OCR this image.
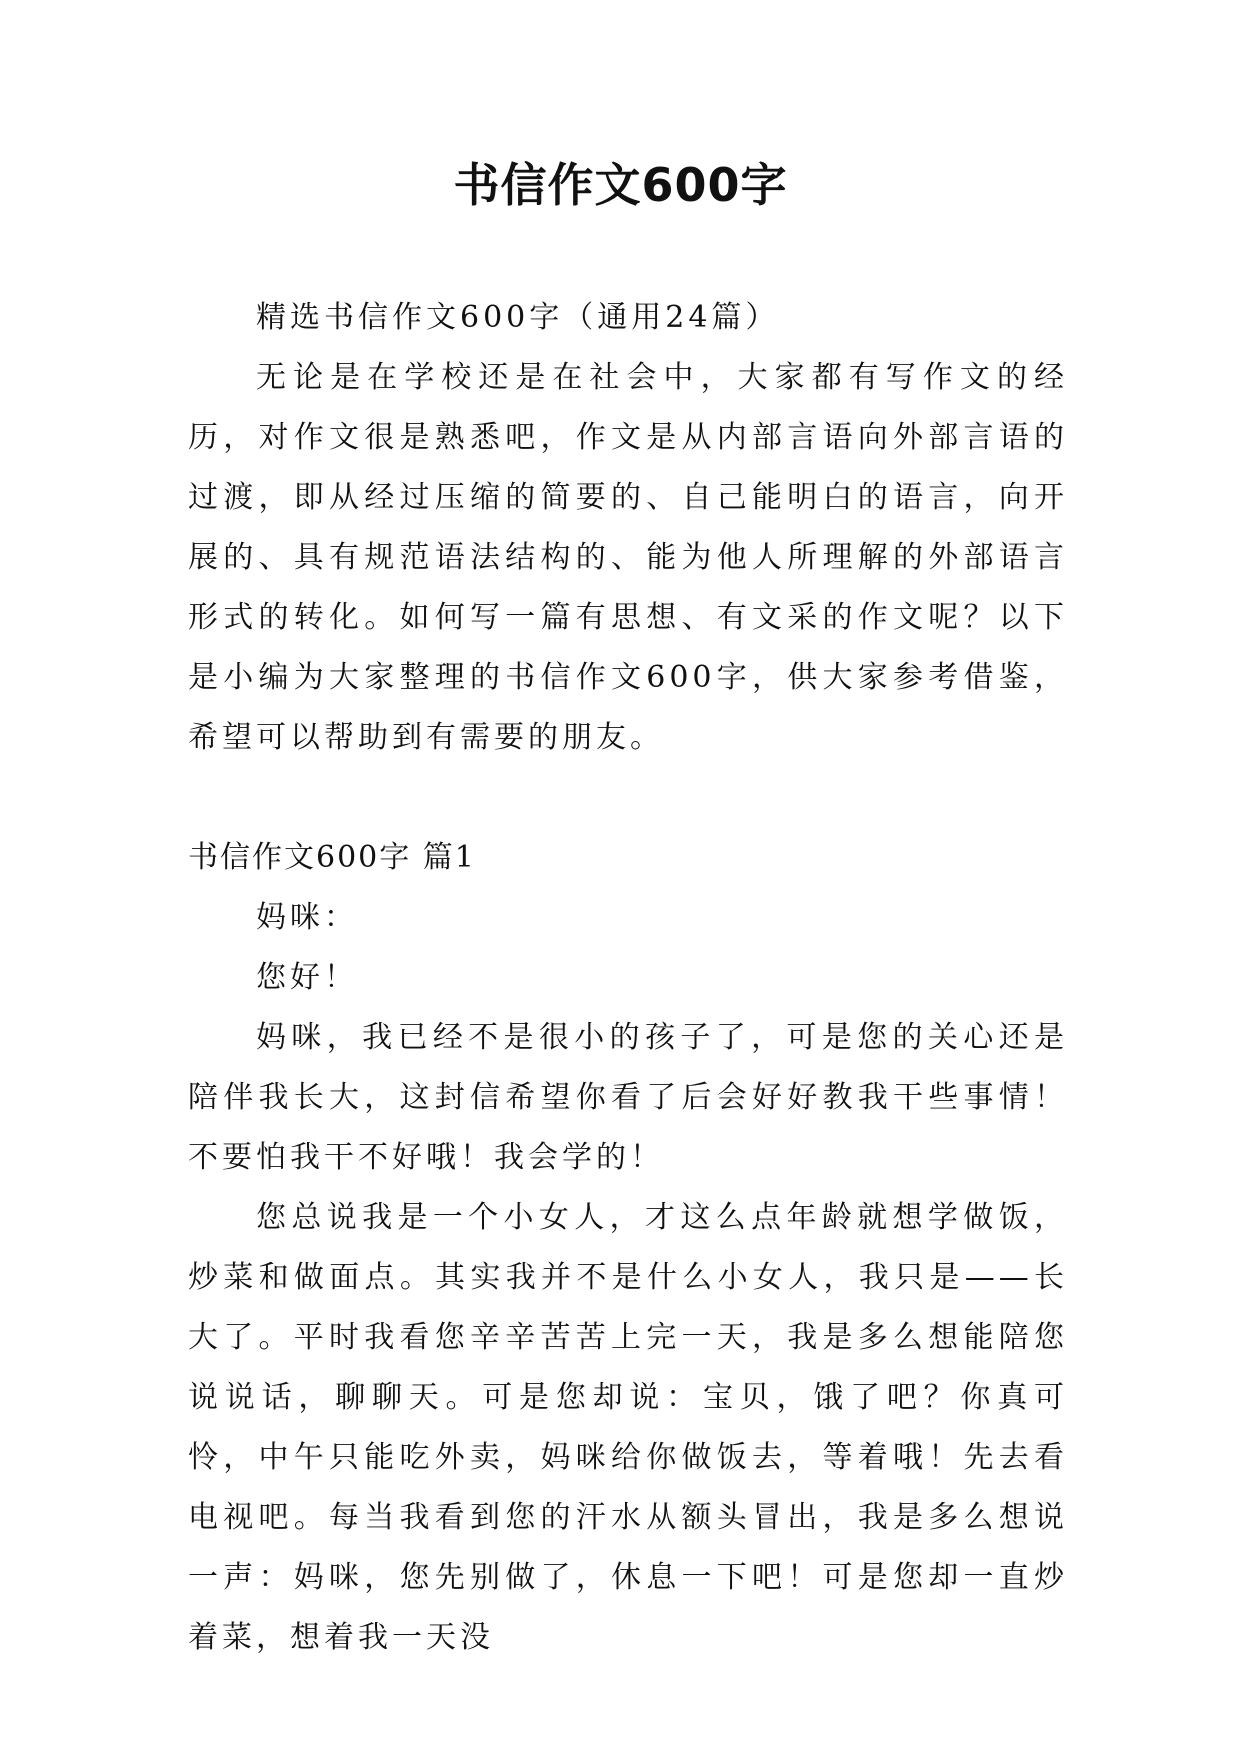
书信作文600字

精选书信作文600字（通用24篇）

无论是在学校还是在社会中，大家都有写作文的经历，对作文很是熟悉吧，作文是从内部言语向外部言语的过渡，即从经过压缩的简要的、自己能明白的语言，向开展的、具有规范语法结构的、能为他人所理解的外部语言形式的转化。如何写一篇有思想、有文采的作文呢？以下是小编为大家整理的书信作文600字，供大家参考借鉴，希望可以帮助到有需要的朋友。

书信作文600字 篇1

妈咪：

您好！

妈咪，我已经不是很小的孩子了，可是您的关心还是陪伴我长大，这封信希望你看了后会好好教我干些事情！不要怕我干不好哦！我会学的！

您总说我是一个小女人，才这么点年龄就想学做饭，炒菜和做面点。其实我并不是什么小女人，我只是——长大了。平时我看您辛辛苦苦上完一天，我是多么想能陪您说说话，聊聊天。可是您却说：宝贝，饿了吧？你真可怜，中午只能吃外卖，妈咪给你做饭去，等着哦！先去看电视吧。每当我看到您的汗水从额头冒出，我是多么想说一声：妈咪，您先别做了，休息一下吧！可是您却一直炒着菜，想着我一天没
